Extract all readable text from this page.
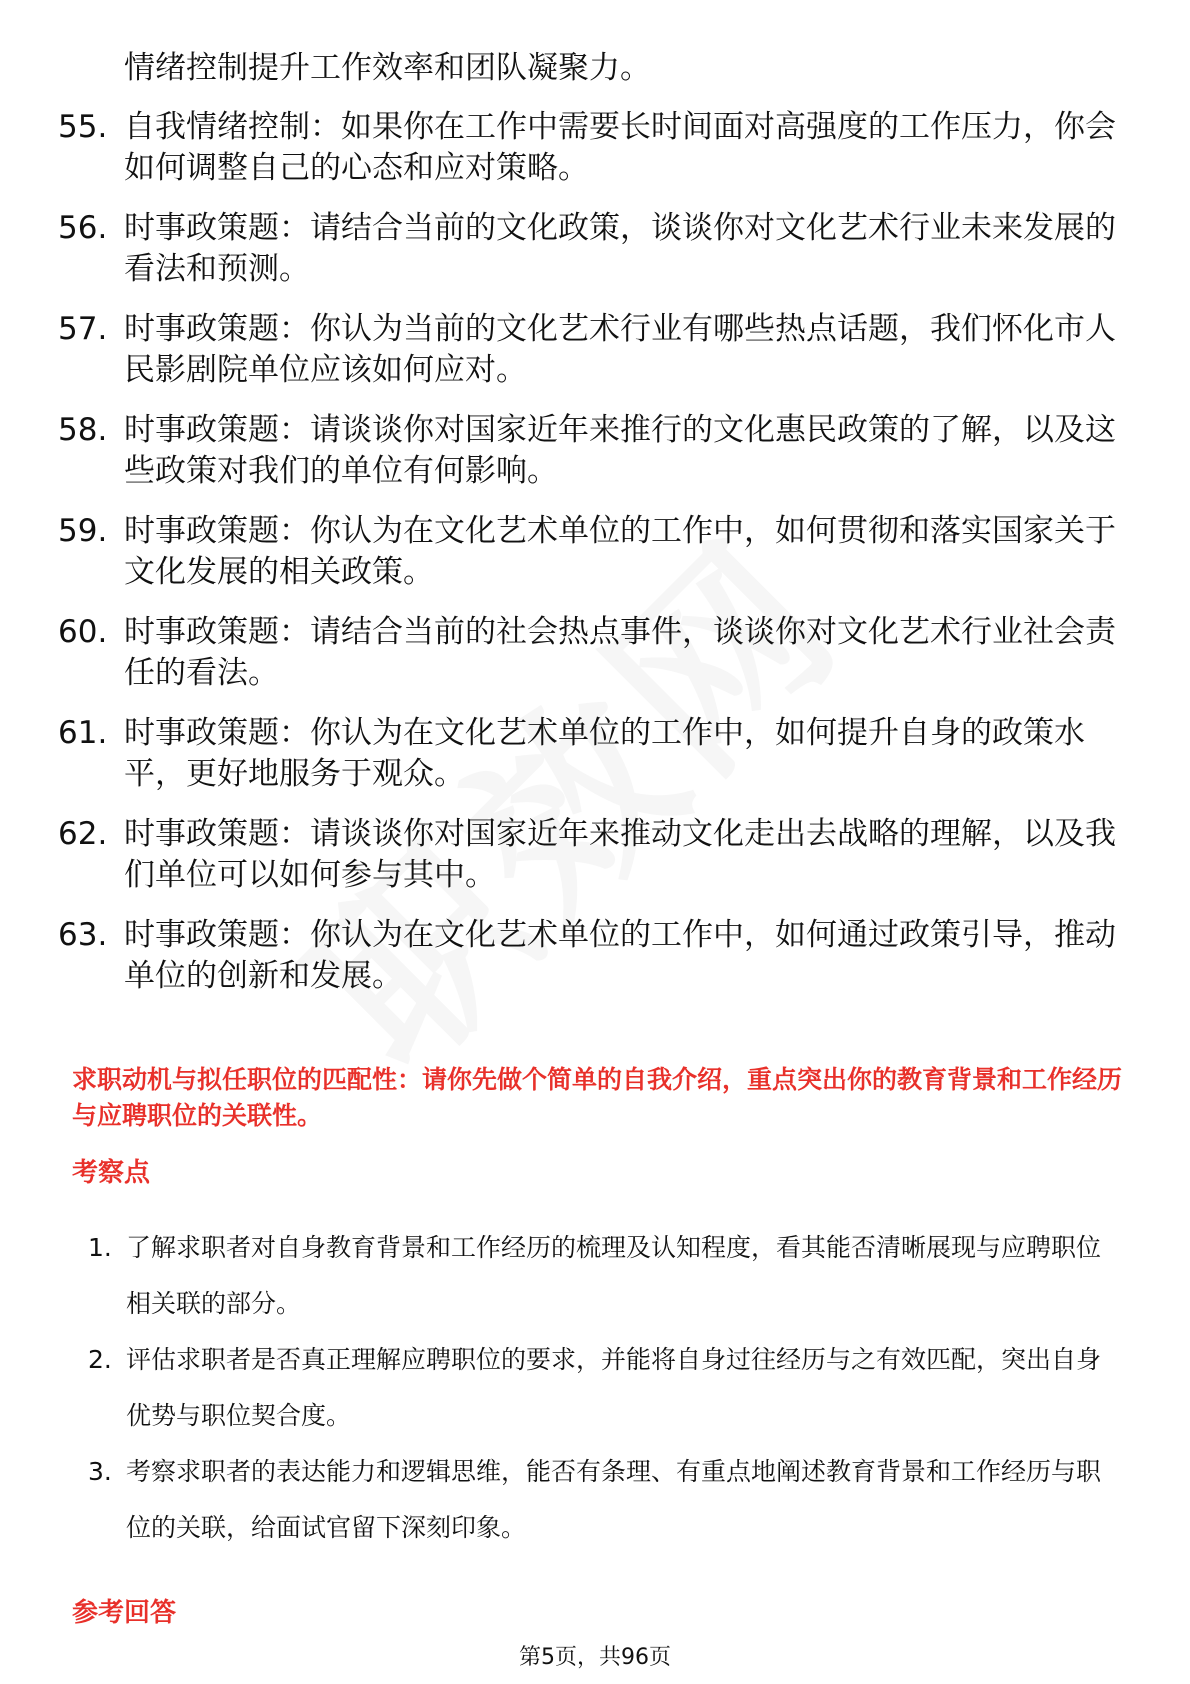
情绪控制提升工作效率和团队凝聚力。
55. 自我情绪控制：如果你在工作中需要长时间面对高强度的工作压力，你会如何调整自己的心态和应对策略。
56. 时事政策题：请结合当前的文化政策，谈谈你对文化艺术行业未来发展的看法和预测。
57. 时事政策题：你认为当前的文化艺术行业有哪些热点话题，我们怀化市人民影剧院单位应该如何应对。
58. 时事政策题：请谈谈你对国家近年来推行的文化惠民政策的了解，以及这些政策对我们的单位有何影响。
59. 时事政策题：你认为在文化艺术单位的工作中，如何贯彻和落实国家关于文化发展的相关政策。
60. 时事政策题：请结合当前的社会热点事件，谈谈你对文化艺术行业社会责任的看法。
61. 时事政策题：你认为在文化艺术单位的工作中，如何提升自身的政策水平，更好地服务于观众。
62. 时事政策题：请谈谈你对国家近年来推动文化走出去战略的理解，以及我们单位可以如何参与其中。
63. 时事政策题：你认为在文化艺术单位的工作中，如何通过政策引导，推动单位的创新和发展。
求职动机与拟任职位的匹配性：请你先做个简单的自我介绍，重点突出你的教育背景和工作经历与应聘职位的关联性。
考察点
1. 了解求职者对自身教育背景和工作经历的梳理及认知程度，看其能否清晰展现与应聘职位相关联的部分。
2. 评估求职者是否真正理解应聘职位的要求，并能将自身过往经历与之有效匹配，突出自身优势与职位契合度。
3. 考察求职者的表达能力和逻辑思维，能否有条理、有重点地阐述教育背景和工作经历与职位的关联，给面试官留下深刻印象。
参考回答
第5页，共96页
